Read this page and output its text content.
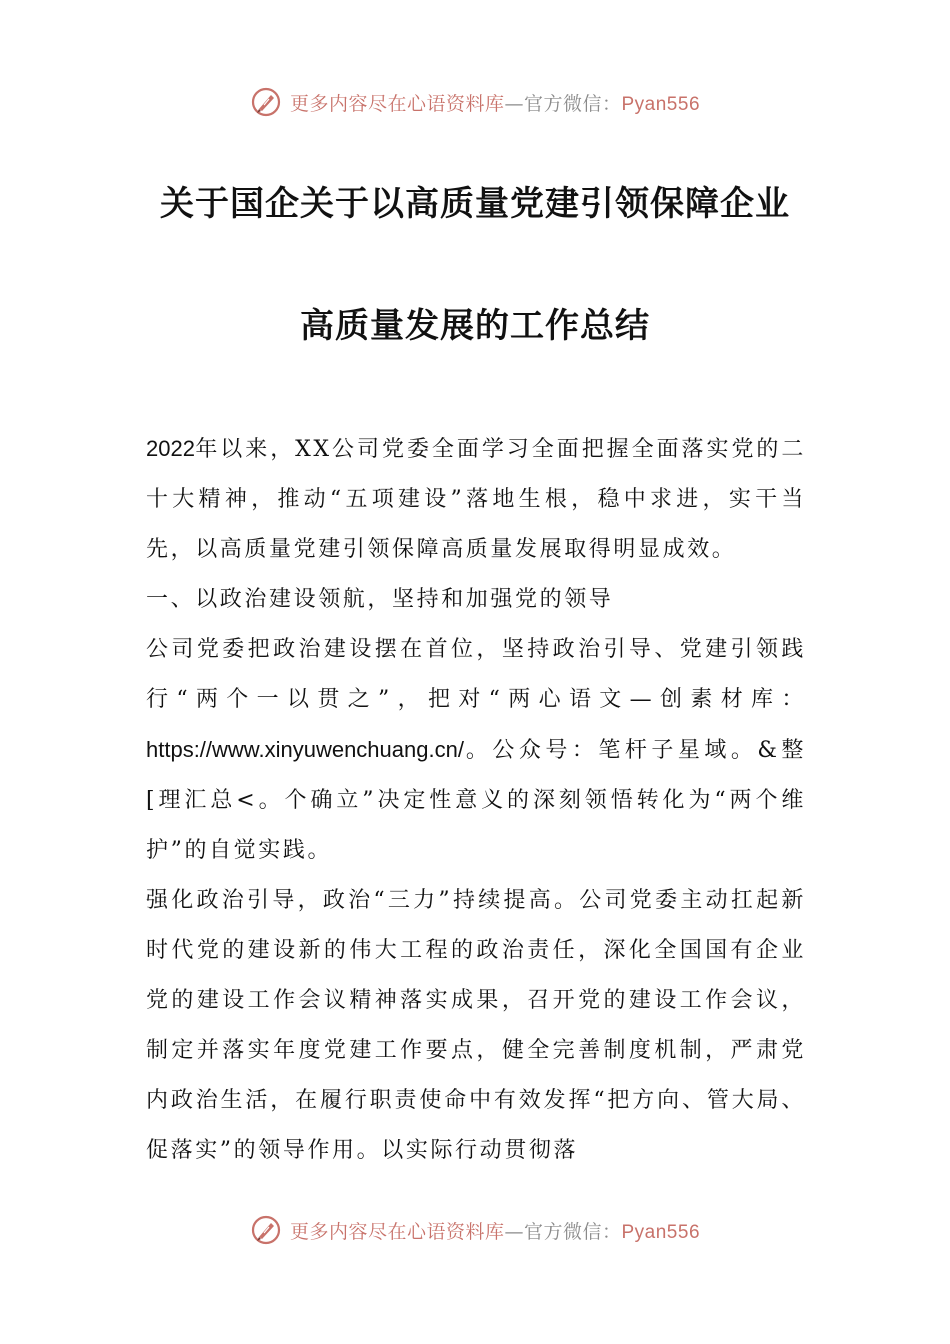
更多内容尽在心语资料库—官方微信：Pyan556
关于国企关于以高质量党建引领保障企业
高质量发展的工作总结

2022年以来，XX公司党委全面学习全面把握全面落实党的二十大精神，推动“五项建设”落地生根，稳中求进，实干当先，以高质量党建引领保障高质量发展取得明显成效。

一、以政治建设领航，坚持和加强党的领导

公司党委把政治建设摆在首位，坚持政治引导、党建引领践行“两个一以贯之”，把对“两心语文—创素材库：https://www.xinyuwenchuang.cn/。公众号：笔杆子星域。&整[理汇总<。个确立”决定性意义的深刻领悟转化为“两个维护”的自觉实践。

强化政治引导，政治“三力”持续提高。公司党委主动扛起新时代党的建设新的伟大工程的政治责任，深化全国国有企业党的建设工作会议精神落实成果，召开党的建设工作会议，制定并落实年度党建工作要点，健全完善制度机制，严肃党内政治生活，在履行职责使命中有效发挥“把方向、管大局、促落实”的领导作用。以实际行动贯彻落

更多内容尽在心语资料库—官方微信：Pyan556
